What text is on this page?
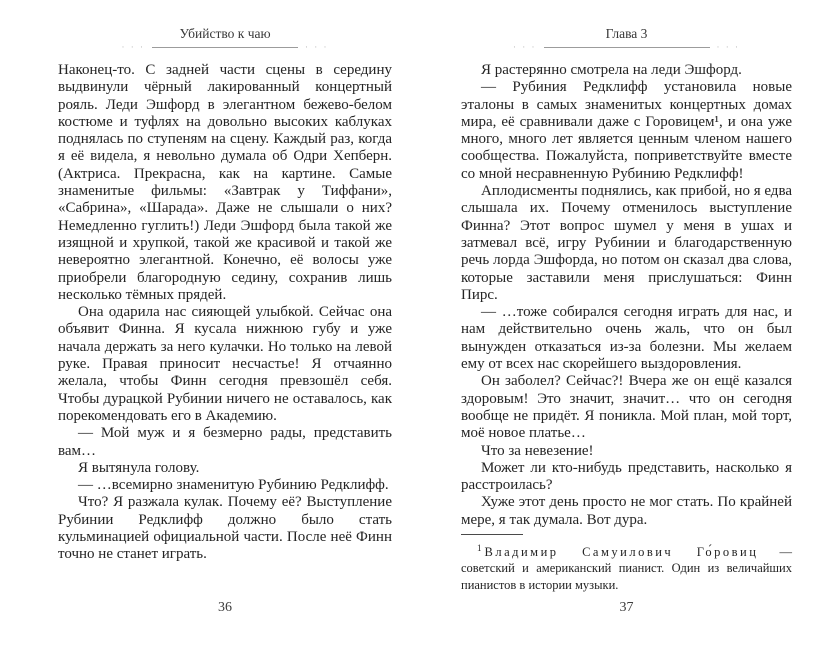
Убийство к чаю
· · ·	· · ·

Наконец-то. С задней части сцены в середину выдвинули чёрный лакированный концертный рояль. Леди Эшфорд в элегантном бежево-белом костюме и туфлях на довольно высоких каблуках поднялась по ступеням на сцену. Каждый раз, когда я её видела, я невольно думала об Одри Хепберн. (Актриса. Прекрасна, как на картине. Самые знаменитые фильмы: «Завтрак у Тиффани», «Сабрина», «Шарада». Даже не слышали о них? Немедленно гуглить!) Леди Эшфорд была такой же изящной и хрупкой, такой же красивой и такой же невероятно элегантной. Конечно, её волосы уже приобрели благородную седину, сохранив лишь несколько тёмных прядей.

Она одарила нас сияющей улыбкой. Сейчас она объявит Финна. Я кусала нижнюю губу и уже начала держать за него кулачки. Но только на левой руке. Правая приносит несчастье! Я отчаянно желала, чтобы Финн сегодня превзошёл себя. Чтобы дурацкой Рубинии ничего не оставалось, как порекомендовать его в Академию.

— Мой муж и я безмерно рады, представить вам…

Я вытянула голову.

— …всемирно знаменитую Рубинию Редклифф.

Что? Я разжала кулак. Почему её? Выступление Рубинии Редклифф должно было стать кульминацией официальной части. После неё Финн точно не станет играть.

36
Глава 3
· · ·	· · ·

Я растерянно смотрела на леди Эшфорд.

— Рубиния Редклифф установила новые эталоны в самых знаменитых концертных домах мира, её сравнивали даже с Горовицем¹, и она уже много, много лет является ценным членом нашего сообщества. Пожалуйста, поприветствуйте вместе со мной несравненную Рубинию Редклифф!

Аплодисменты поднялись, как прибой, но я едва слышала их. Почему отменилось выступление Финна? Этот вопрос шумел у меня в ушах и затмевал всё, игру Рубинии и благодарственную речь лорда Эшфорда, но потом он сказал два слова, которые заставили меня прислушаться: Финн Пирс.

— …тоже собирался сегодня играть для нас, и нам действительно очень жаль, что он был вынужден отказаться из-за болезни. Мы желаем ему от всех нас скорейшего выздоровления.

Он заболел? Сейчас?! Вчера же он ещё казался здоровым! Это значит, значит… что он сегодня вообще не придёт. Я поникла. Мой план, мой торт, моё новое платье…

Что за невезение!

Может ли кто-нибудь представить, насколько я расстроилась?

Хуже этот день просто не мог стать. По крайней мере, я так думала. Вот дура.

$^1$ Владимир Самуилович Го́ровиц — советский и американский пианист. Один из величайших пианистов в истории музыки.

37
